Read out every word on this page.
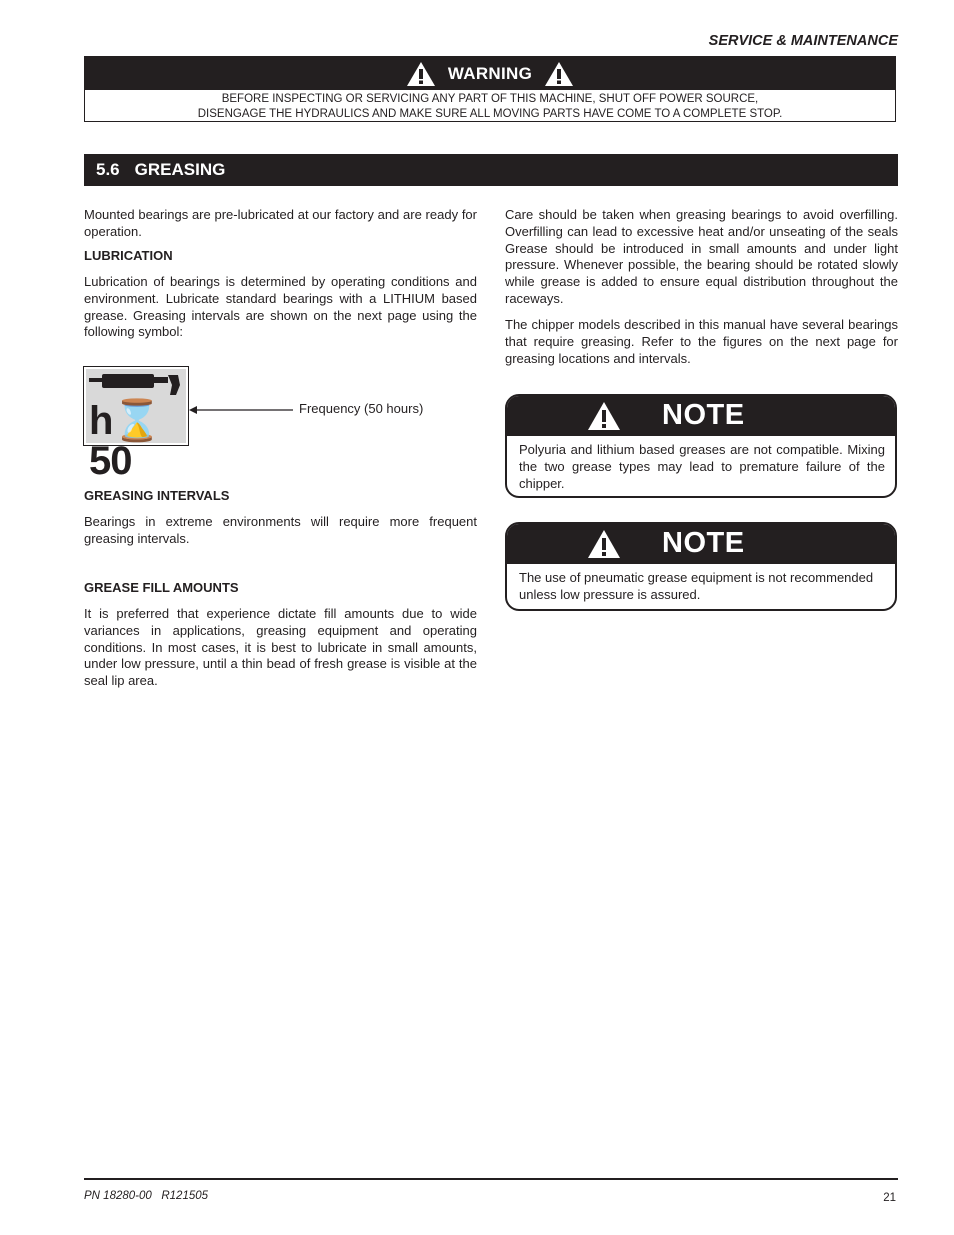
SERVICE & MAINTENANCE
WARNING
BEFORE INSPECTING OR SERVICING ANY PART OF THIS MACHINE, SHUT OFF POWER SOURCE,
DISENGAGE THE HYDRAULICS AND MAKE SURE ALL MOVING PARTS HAVE COME TO A COMPLETE STOP.
5.6 GREASING

Mounted bearings are pre-lubricated at our factory and are ready for operation.

LUBRICATION

Lubrication of bearings is determined by operating conditions and environment. Lubricate standard bearings with a LITHIUM based grease. Greasing intervals are shown on the next page using the following symbol:

h⌛50
Frequency (50 hours)
GREASING INTERVALS

Bearings in extreme environments will require more frequent greasing intervals.

GREASE FILL AMOUNTS

It is preferred that experience dictate fill amounts due to wide variances in applications, greasing equipment and operating conditions. In most cases, it is best to lubricate in small amounts, under low pressure, until a thin bead of fresh grease is visible at the seal lip area.

Care should be taken when greasing bearings to avoid overfilling. Overfilling can lead to excessive heat and/or unseating of the seals Grease should be introduced in small amounts and under light pressure. Whenever possible, the bearing should be rotated slowly while grease is added to ensure equal distribution throughout the raceways.

The chipper models described in this manual have several bearings that require greasing. Refer to the figures on the next page for greasing locations and intervals.

NOTE
Polyuria and lithium based greases are not compatible. Mixing the two grease types may lead to premature failure of the chipper.
NOTE
The use of pneumatic grease equipment is not recommended unless low pressure is assured.
PN 18280-00   R121505	21
